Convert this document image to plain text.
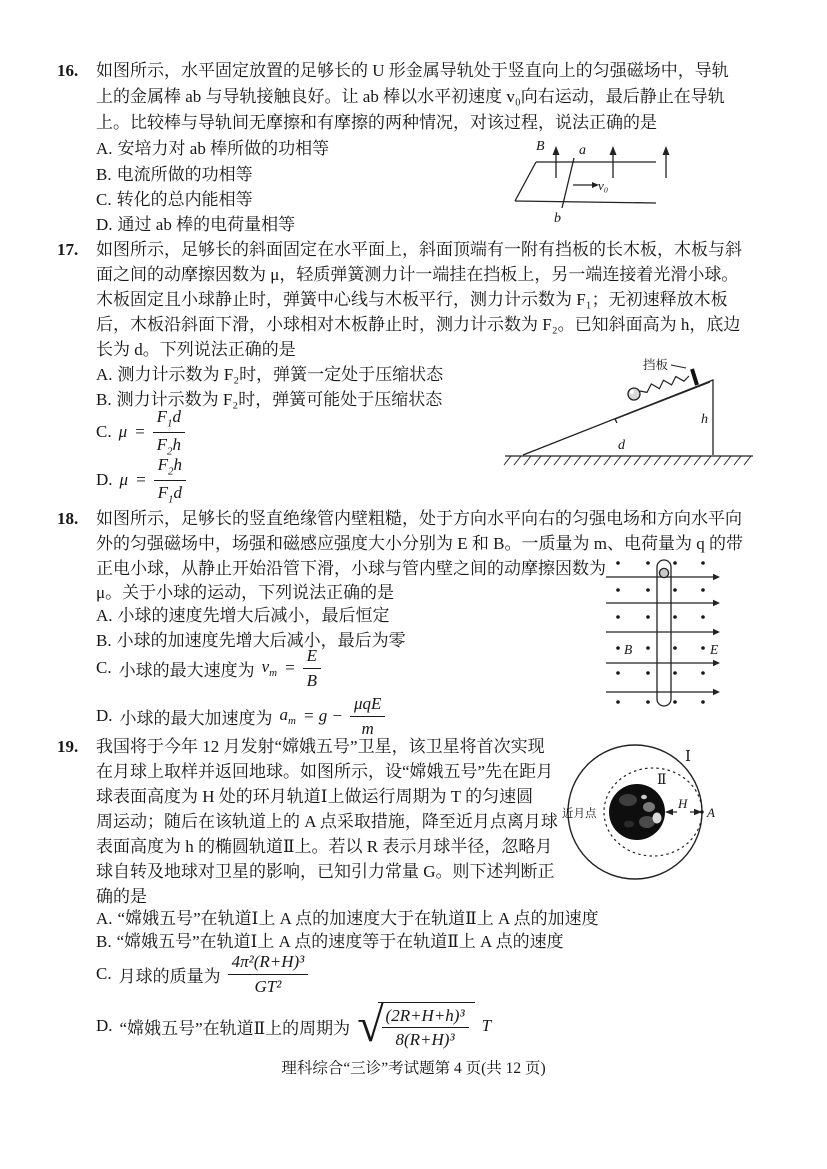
16. 如图所示，水平固定放置的足够长的 U 形金属导轨处于竖直向上的匀强磁场中，导轨
上的金属棒 ab 与导轨接触良好。让 ab 棒以水平初速度 v₀向右运动，最后静止在导轨
上。比较棒与导轨间无摩擦和有摩擦的两种情况，对该过程，说法正确的是
A. 安培力对 ab 棒所做的功相等
B. 电流所做的功相等
C. 转化的总内能相等
D. 通过 ab 棒的电荷量相等
B a
b
v₀
17. 如图所示，足够长的斜面固定在水平面上，斜面顶端有一附有挡板的长木板，木板与斜
面之间的动摩擦因数为 μ，轻质弹簧测力计一端挂在挡板上，另一端连接着光滑小球。
木板固定且小球静止时，弹簧中心线与木板平行，测力计示数为 F₁；无初速释放木板
后，木板沿斜面下滑，小球相对木板静止时，测力计示数为 F₂。已知斜面高为 h，底边
长为 d。下列说法正确的是
A. 测力计示数为 F₂时，弹簧一定处于压缩状态
B. 测力计示数为 F₂时，弹簧可能处于压缩状态
C. $\mu = \frac{F_1d}{F_2h}$
D. $\mu = \frac{F_2h}{F_1d}$
挡板
h
d
18. 如图所示，足够长的竖直绝缘管内壁粗糙，处于方向水平向右的匀强电场和方向水平向
外的匀强磁场中，场强和磁感应强度大小分别为 E 和 B。一质量为 m、电荷量为 q 的带
正电小球，从静止开始沿管下滑，小球与管内壁之间的动摩擦因数为
μ。关于小球的运动，下列说法正确的是
A. 小球的速度先增大后减小，最后恒定
B. 小球的加速度先增大后减小，最后为零
C. 小球的最大速度为 $v_m = \frac{E}{B}$
D. 小球的最大加速度为 $a_m = g - \frac{\text{μqE}}{m}$
B	E
19. 我国将于今年 12 月发射“嫦娥五号”卫星，该卫星将首次实现
在月球上取样并返回地球。如图所示，设“嫦娥五号”先在距月
球表面高度为 H 处的环月轨道Ⅰ上做运行周期为 T 的匀速圆
周运动；随后在该轨道上的 A 点采取措施，降至近月点离月球
表面高度为 h 的椭圆轨道Ⅱ上。若以 R 表示月球半径，忽略月
球自转及地球对卫星的影响，已知引力常量 G。则下述判断正
确的是
A. “嫦娥五号”在轨道Ⅰ上 A 点的加速度大于在轨道Ⅱ上 A 点的加速度
B. “嫦娥五号”在轨道Ⅰ上 A 点的速度等于在轨道Ⅱ上 A 点的速度
C. 月球的质量为 $\frac{\text{4π²(R+H)³}}{\text{GT²}}$
D. “嫦娥五号”在轨道Ⅱ上的周期为 √
$\frac{\text{(2R+H+h)³}}{\text{8(R+H)³}}$ T
近月点
H
A
Ⅰ
Ⅱ
理科综合“三诊”考试题第 4 页(共 12 页)
